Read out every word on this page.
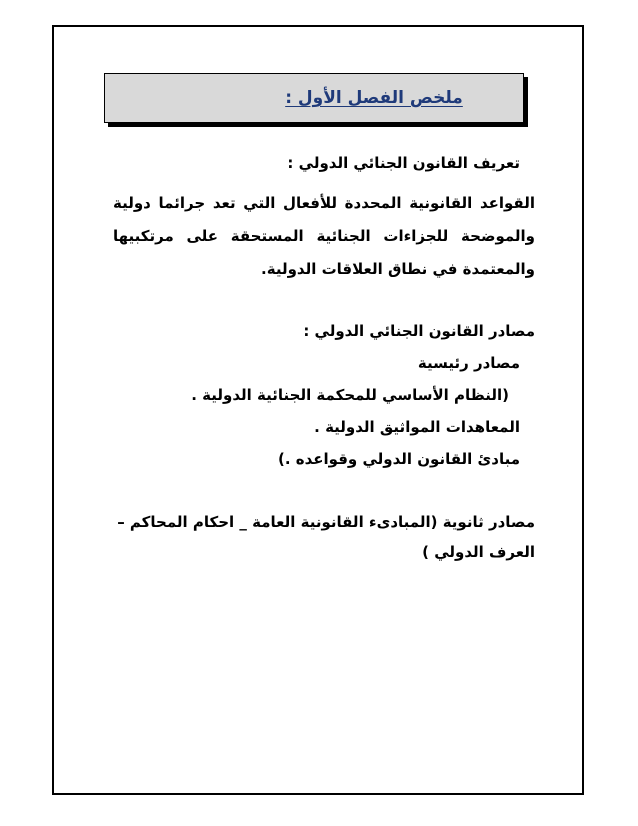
ملخص الفصل الأول :
تعريف القانون الجنائي الدولي :
القواعد القانونية المحددة للأفعال التي تعد جرائما دولية
والموضحة للجزاءات الجنائية المستحقة على مرتكبيها
والمعتمدة في نطاق العلاقات الدولية.
مصادر القانون الجنائي الدولي :
مصادر رئيسية
(النظام الأساسي للمحكمة الجنائية الدولية .
المعاهدات المواثيق الدولية .
مبادئ القانون الدولي وقواعده .)
مصادر ثانوية (المبادىء القانونية العامة _ احكام المحاكم –
العرف الدولي )
